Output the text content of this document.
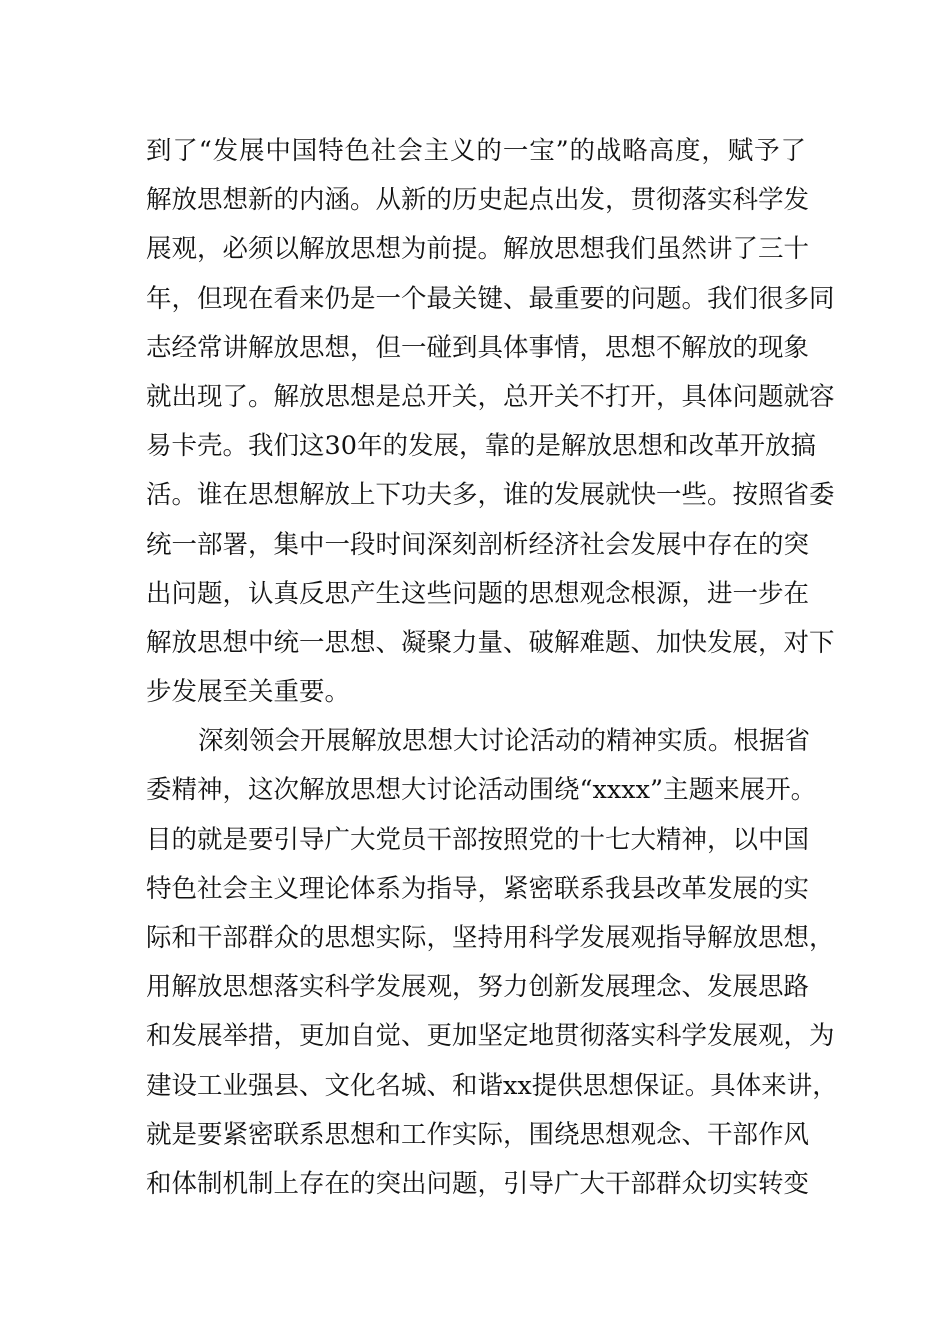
到了“发展中国特色社会主义的一宝”的战略高度，赋予了
解放思想新的内涵。从新的历史起点出发，贯彻落实科学发
展观，必须以解放思想为前提。解放思想我们虽然讲了三十
年，但现在看来仍是一个最关键、最重要的问题。我们很多同
志经常讲解放思想，但一碰到具体事情，思想不解放的现象
就出现了。解放思想是总开关，总开关不打开，具体问题就容
易卡壳。我们这30年的发展，靠的是解放思想和改革开放搞
活。谁在思想解放上下功夫多，谁的发展就快一些。按照省委
统一部署，集中一段时间深刻剖析经济社会发展中存在的突
出问题，认真反思产生这些问题的思想观念根源，进一步在
解放思想中统一思想、凝聚力量、破解难题、加快发展，对下
步发展至关重要。
深刻领会开展解放思想大讨论活动的精神实质。根据省
委精神，这次解放思想大讨论活动围绕“xxxx”主题来展开。
目的就是要引导广大党员干部按照党的十七大精神，以中国
特色社会主义理论体系为指导，紧密联系我县改革发展的实
际和干部群众的思想实际，坚持用科学发展观指导解放思想，
用解放思想落实科学发展观，努力创新发展理念、发展思路
和发展举措，更加自觉、更加坚定地贯彻落实科学发展观，为
建设工业强县、文化名城、和谐xx提供思想保证。具体来讲，
就是要紧密联系思想和工作实际，围绕思想观念、干部作风
和体制机制上存在的突出问题，引导广大干部群众切实转变
